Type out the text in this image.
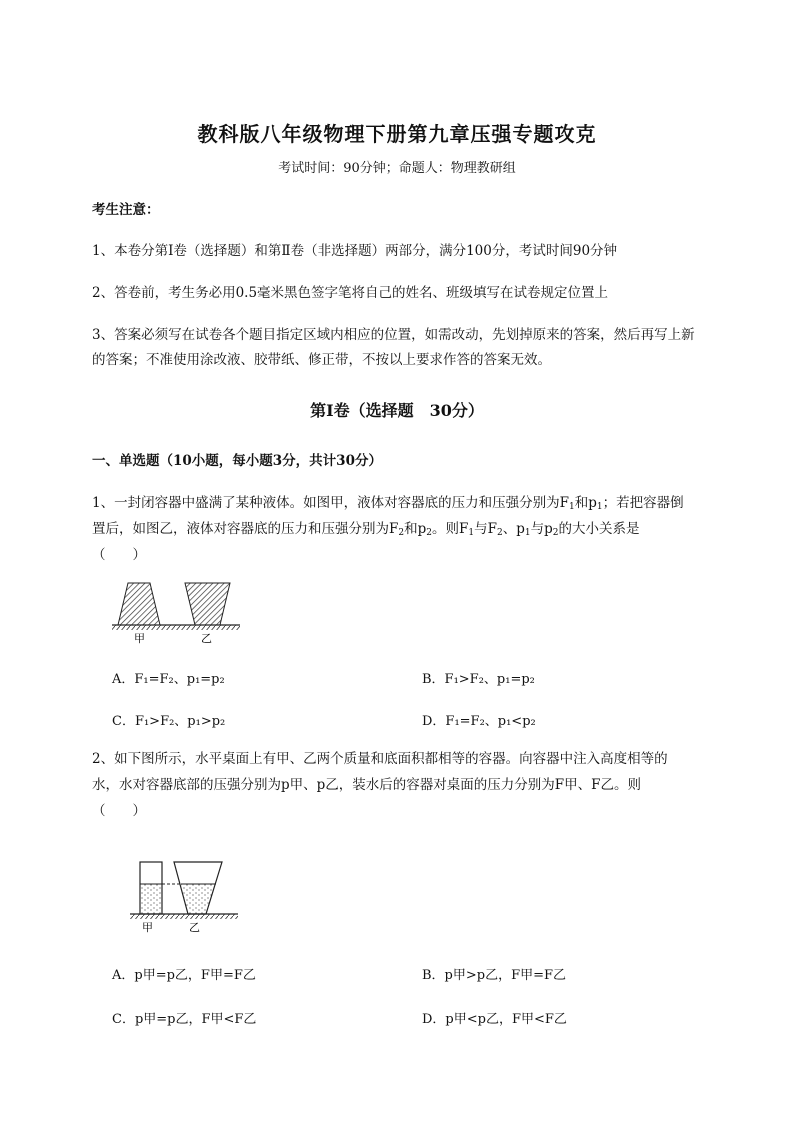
教科版八年级物理下册第九章压强专题攻克
考试时间：90分钟；命题人：物理教研组
考生注意：
1、本卷分第I卷（选择题）和第Ⅱ卷（非选择题）两部分，满分100分，考试时间90分钟
2、答卷前，考生务必用0.5毫米黑色签字笔将自己的姓名、班级填写在试卷规定位置上
3、答案必须写在试卷各个题目指定区域内相应的位置，如需改动，先划掉原来的答案，然后再写上新
的答案；不准使用涂改液、胶带纸、修正带，不按以上要求作答的答案无效。
第I卷（选择题　30分）
一、单选题（10小题，每小题3分，共计30分）
1、一封闭容器中盛满了某种液体。如图甲，液体对容器底的压力和压强分别为$F_1$和$p_1$；若把容器倒
置后，如图乙，液体对容器底的压力和压强分别为$F_2$和$p_2$。则$F_1$与$F_2$、$p_1$与$p_2$的大小关系是
（　　）
甲	乙
A．F₁=F₂、p₁=p₂	B．F₁>F₂、p₁=p₂
C．F₁>F₂、p₁>p₂	D．F₁=F₂、p₁<p₂
2、如下图所示，水平桌面上有甲、乙两个质量和底面积都相等的容器。向容器中注入高度相等的
水，水对容器底部的压强分别为p甲、p乙，装水后的容器对桌面的压力分别为F甲、F乙。则
（　　）
甲	乙
A．p甲=p乙，F甲=F乙	B．p甲>p乙，F甲=F乙
C．p甲=p乙，F甲<F乙	D．p甲<p乙，F甲<F乙
